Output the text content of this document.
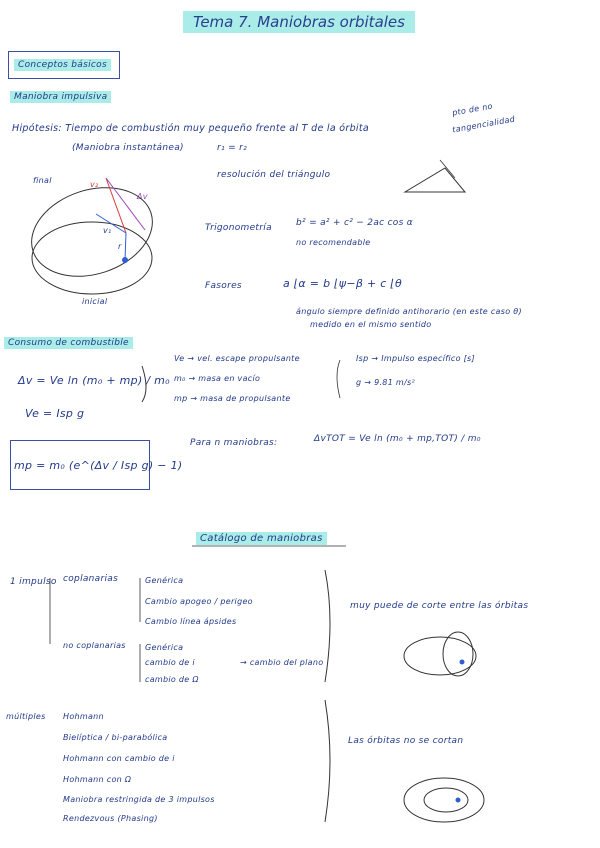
Tema 7. Maniobras orbitales
Conceptos básicos
Maniobra impulsiva
Hipótesis: Tiempo de combustión muy pequeño frente al T de la órbita
(Maniobra instantánea)	r₁ = r₂
pto de no
tangencialidad
resolución del triángulo
final
inicial
v₂
Δv
v₁
r
Trigonometría	b² = a² + c² − 2ac cos α
no recomendable
Fasores	a ⌊α = b ⌊ψ−β + c ⌊θ
ángulo siempre definido antihorario (en este caso θ)
medido en el mismo sentido
Consumo de combustible
Δv = Ve ln (m₀ + mp) / m₀
Ve = Isp g
mp = m₀ (e^(Δv / Isp g) − 1)
Ve → vel. escape propulsante
m₀ → masa en vacío
mp → masa de propulsante
Isp → Impulso específico [s]
g → 9.81 m/s²
Para n maniobras:	ΔvTOT = Ve ln (m₀ + mp,TOT) / m₀
Catálogo de maniobras
1 impulso coplanarias	Genérica
Cambio apogeo / perigeo
Cambio línea ápsides
no coplanarias Genérica
cambio de i
cambio de Ω
→ cambio del plano
muy puede de corte entre las órbitas
múltiples Hohmann
Bielíptica / bi-parabólica
Hohmann con cambio de i
Hohmann con Ω
Maniobra restringida de 3 impulsos
Rendezvous (Phasing)
Las órbitas no se cortan
